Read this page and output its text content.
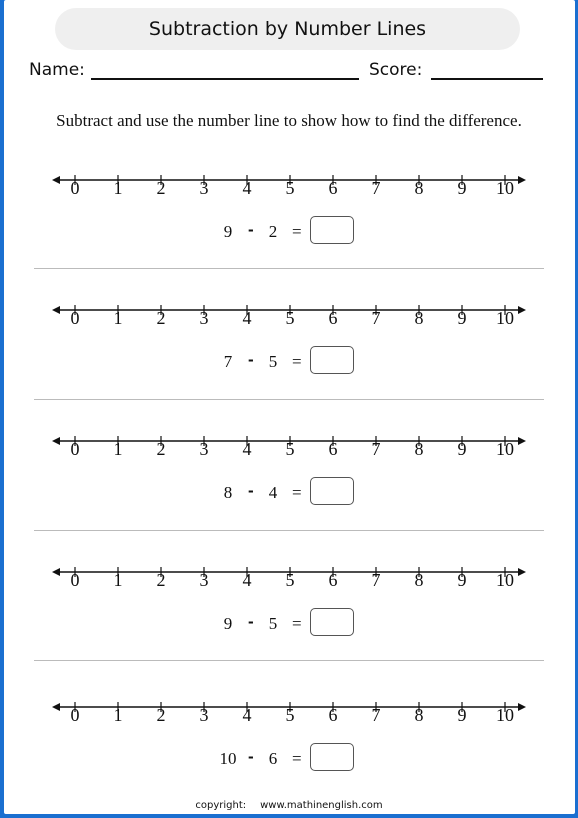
Subtraction by Number Lines
Name:	Score:
Subtract and use the number line to show how to find the difference.
0	1	2	3	4	5	6	7	8	9	10
9 - 2 =
0	1	2	3	4	5	6	7	8	9	10
7 - 5 =
0	1	2	3	4	5	6	7	8	9	10
8 - 4 =
0	1	2	3	4	5	6	7	8	9	10
9 - 5 =
0	1	2	3	4	5	6	7	8	9	10
10 - 6 =
copyright: www.mathinenglish.com
